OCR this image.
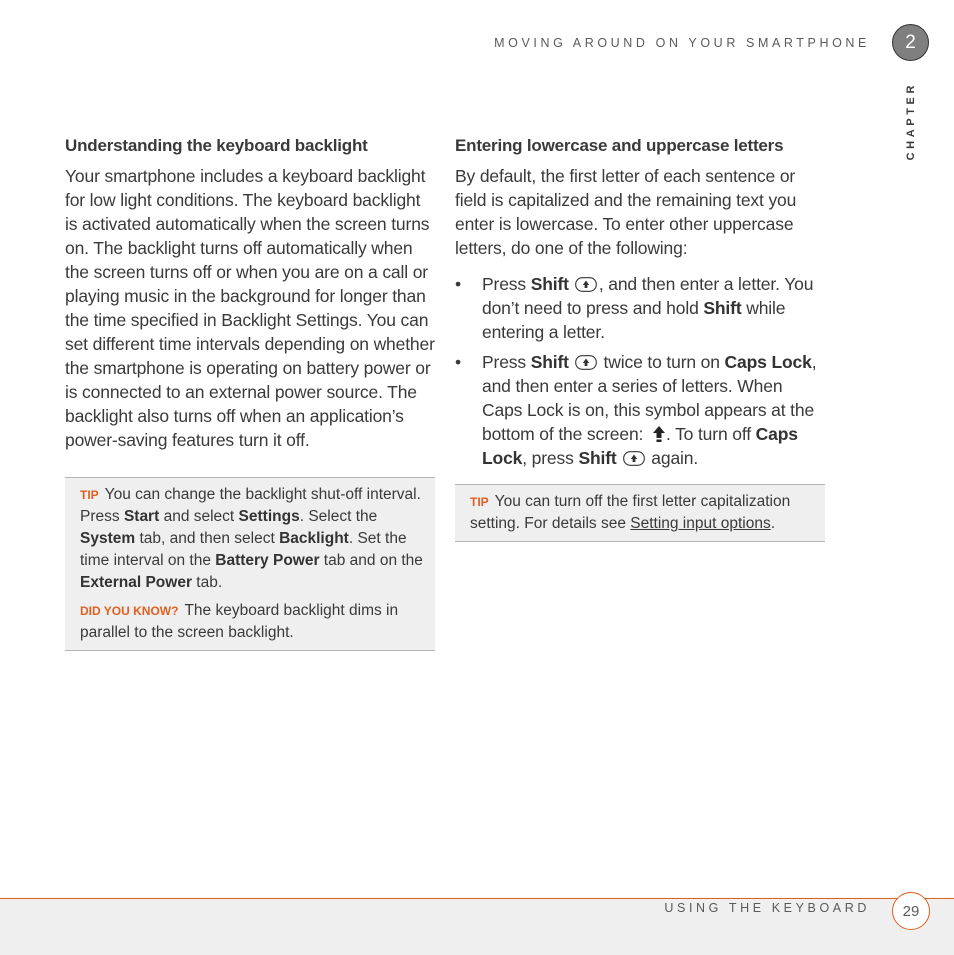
MOVING AROUND ON YOUR SMARTPHONE	2
CHAPTER
Understanding the keyboard backlight

Your smartphone includes a keyboard backlight for low light conditions. The keyboard backlight is activated automatically when the screen turns on. The backlight turns off automatically when the screen turns off or when you are on a call or playing music in the background for longer than the time specified in Backlight Settings. You can set different time intervals depending on whether the smartphone is operating on battery power or is connected to an external power source. The backlight also turns off when an application’s power-saving features turn it off.

TIP You can change the backlight shut-off interval. Press Start and select Settings. Select the System tab, and then select Backlight. Set the time interval on the Battery Power tab and on the External Power tab.

DID YOU KNOW? The keyboard backlight dims in parallel to the screen backlight.

Entering lowercase and uppercase letters

By default, the first letter of each sentence or field is capitalized and the remaining text you enter is lowercase. To enter other uppercase letters, do one of the following:

• Press Shift , and then enter a letter. You don’t need to press and hold Shift while entering a letter.
• Press Shift twice to turn on Caps Lock, and then enter a series of letters. When Caps Lock is on, this symbol appears at the bottom of the screen: . To turn off Caps Lock, press Shift again.

TIP You can turn off the first letter capitalization setting. For details see Setting input options.

USING THE KEYBOARD	29
